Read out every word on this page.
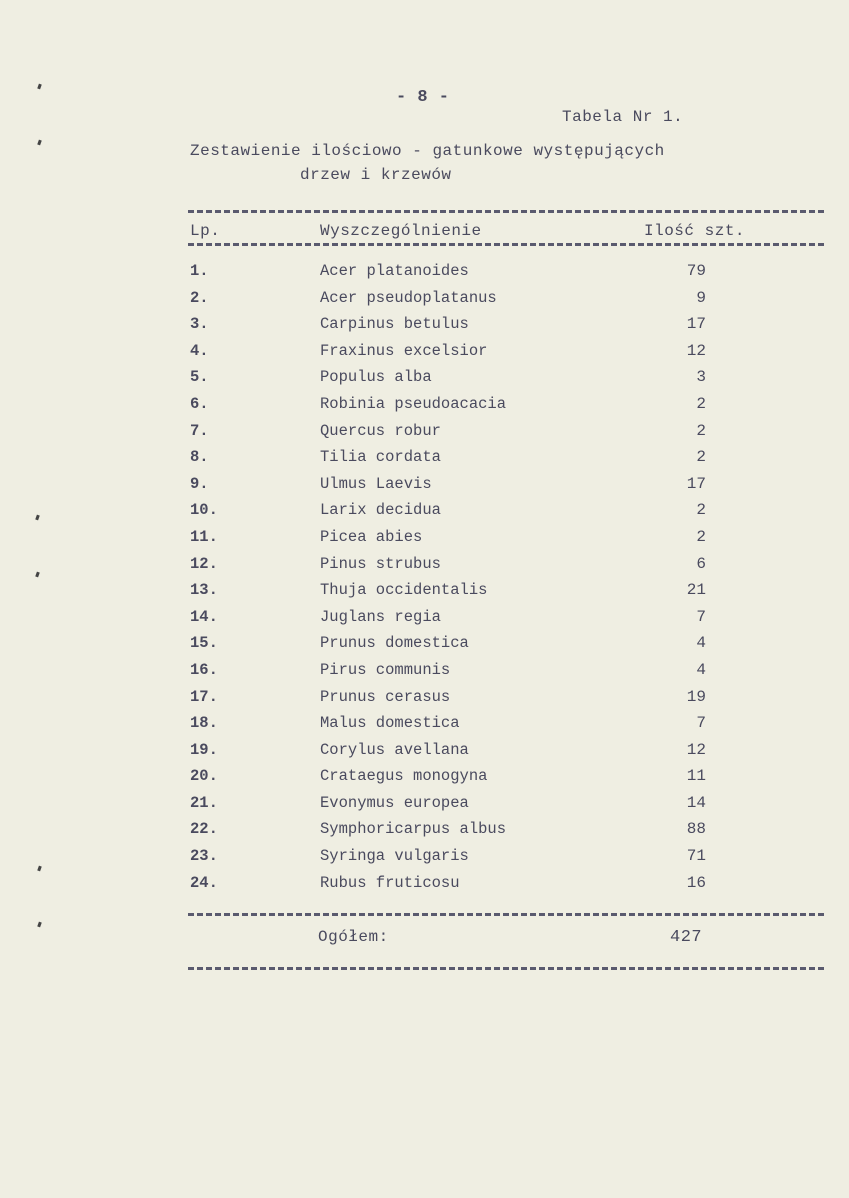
- 8 -
Tabela Nr 1.
Zestawienie ilościowo - gatunkowe występujących
drzew i krzewów
Lp.	Wyszczególnienie	Ilość szt.
1.	Acer platanoides	79
2.	Acer pseudoplatanus	9
3.	Carpinus betulus	17
4.	Fraxinus excelsior	12
5.	Populus alba	3
6.	Robinia pseudoacacia	2
7.	Quercus robur	2
8.	Tilia cordata	2
9.	Ulmus Laevis	17
10.	Larix decidua	2
11.	Picea abies	2
12.	Pinus strubus	6
13.	Thuja occidentalis	21
14.	Juglans regia	7
15.	Prunus domestica	4
16.	Pirus communis	4
17.	Prunus cerasus	19
18.	Malus domestica	7
19.	Corylus avellana	12
20.	Crataegus monogyna	11
21.	Evonymus europea	14
22.	Symphoricarpus albus	88
23.	Syringa vulgaris	71
24.	Rubus fruticosu	16
Ogółem:	427
